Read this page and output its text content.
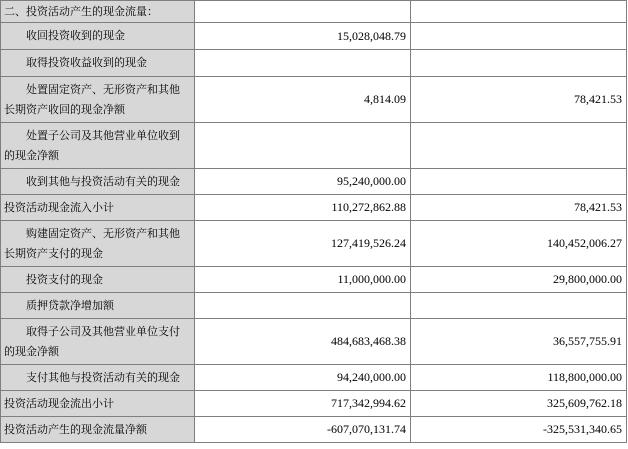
二、投资活动产生的现金流量：		
收回投资收到的现金	15,028,048.79	
取得投资收益收到的现金		
处置固定资产、无形资产和其他长期资产收回的现金净额	4,814.09	78,421.53
处置子公司及其他营业单位收到的现金净额		
收到其他与投资活动有关的现金	95,240,000.00	
投资活动现金流入小计	110,272,862.88	78,421.53
购建固定资产、无形资产和其他长期资产支付的现金	127,419,526.24	140,452,006.27
投资支付的现金	11,000,000.00	29,800,000.00
质押贷款净增加额		
取得子公司及其他营业单位支付的现金净额	484,683,468.38	36,557,755.91
支付其他与投资活动有关的现金	94,240,000.00	118,800,000.00
投资活动现金流出小计	717,342,994.62	325,609,762.18
投资活动产生的现金流量净额	-607,070,131.74	-325,531,340.65
